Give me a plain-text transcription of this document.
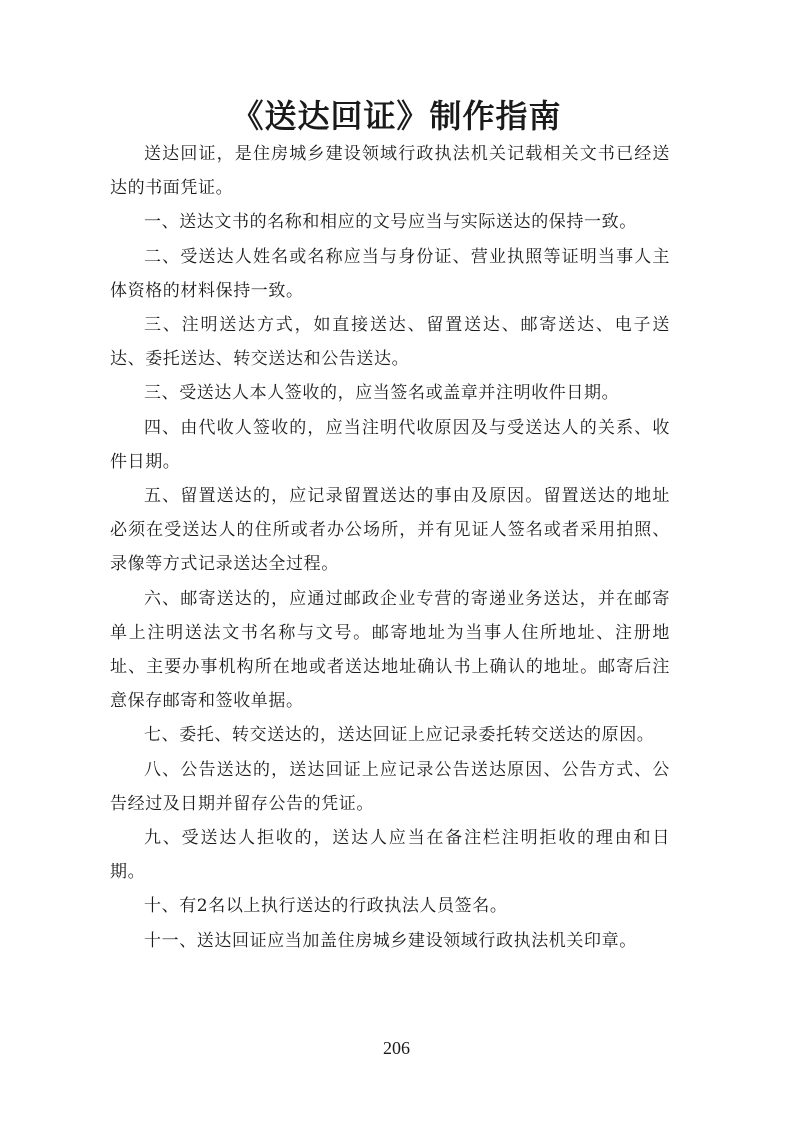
《送达回证》制作指南

送达回证，是住房城乡建设领域行政执法机关记载相关文书已经送达的书面凭证。

一、送达文书的名称和相应的文号应当与实际送达的保持一致。

二、受送达人姓名或名称应当与身份证、营业执照等证明当事人主体资格的材料保持一致。

三、注明送达方式，如直接送达、留置送达、邮寄送达、电子送达、委托送达、转交送达和公告送达。

三、受送达人本人签收的，应当签名或盖章并注明收件日期。

四、由代收人签收的，应当注明代收原因及与受送达人的关系、收件日期。

五、留置送达的，应记录留置送达的事由及原因。留置送达的地址必须在受送达人的住所或者办公场所，并有见证人签名或者采用拍照、录像等方式记录送达全过程。

六、邮寄送达的，应通过邮政企业专营的寄递业务送达，并在邮寄单上注明送法文书名称与文号。邮寄地址为当事人住所地址、注册地址、主要办事机构所在地或者送达地址确认书上确认的地址。邮寄后注意保存邮寄和签收单据。

七、委托、转交送达的，送达回证上应记录委托转交送达的原因。

八、公告送达的，送达回证上应记录公告送达原因、公告方式、公告经过及日期并留存公告的凭证。

九、受送达人拒收的，送达人应当在备注栏注明拒收的理由和日期。

十、有2名以上执行送达的行政执法人员签名。

十一、送达回证应当加盖住房城乡建设领域行政执法机关印章。

206
